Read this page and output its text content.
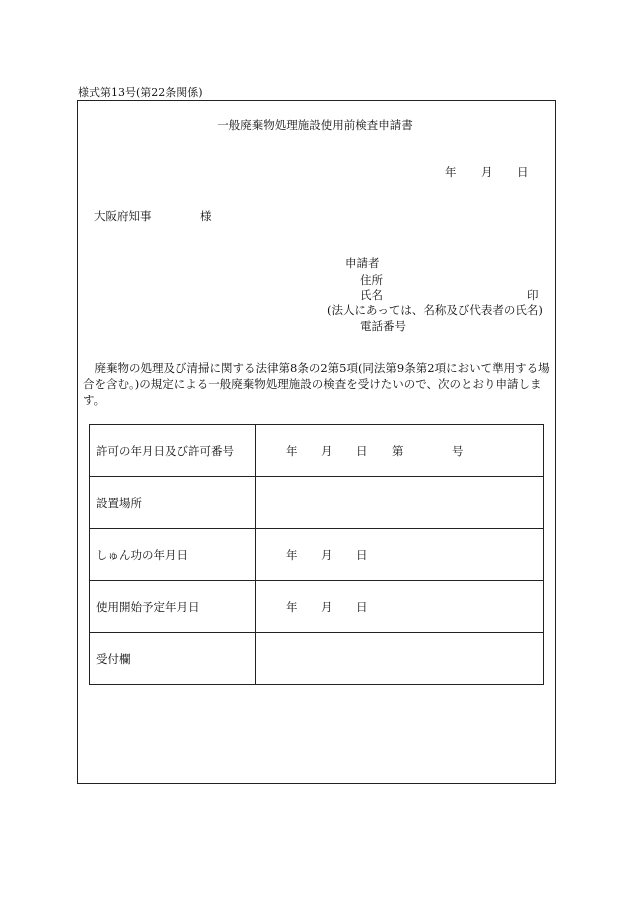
様式第13号(第22条関係)
一般廃棄物処理施設使用前検査申請書
年 月 日
大阪府知事	様
申請者
住所
氏名	印
(法人にあっては、名称及び代表者の氏名)
電話番号
廃棄物の処理及び清掃に関する法律第8条の2第5項(同法第9条第2項において準用する場合を含む。)の規定による一般廃棄物処理施設の検査を受けたいので、次のとおり申請します。
許可の年月日及び許可番号	年 月 日 第 号

設置場所	
しゅん功の年月日	年 月 日

使用開始予定年月日	年 月 日

受付欄	
